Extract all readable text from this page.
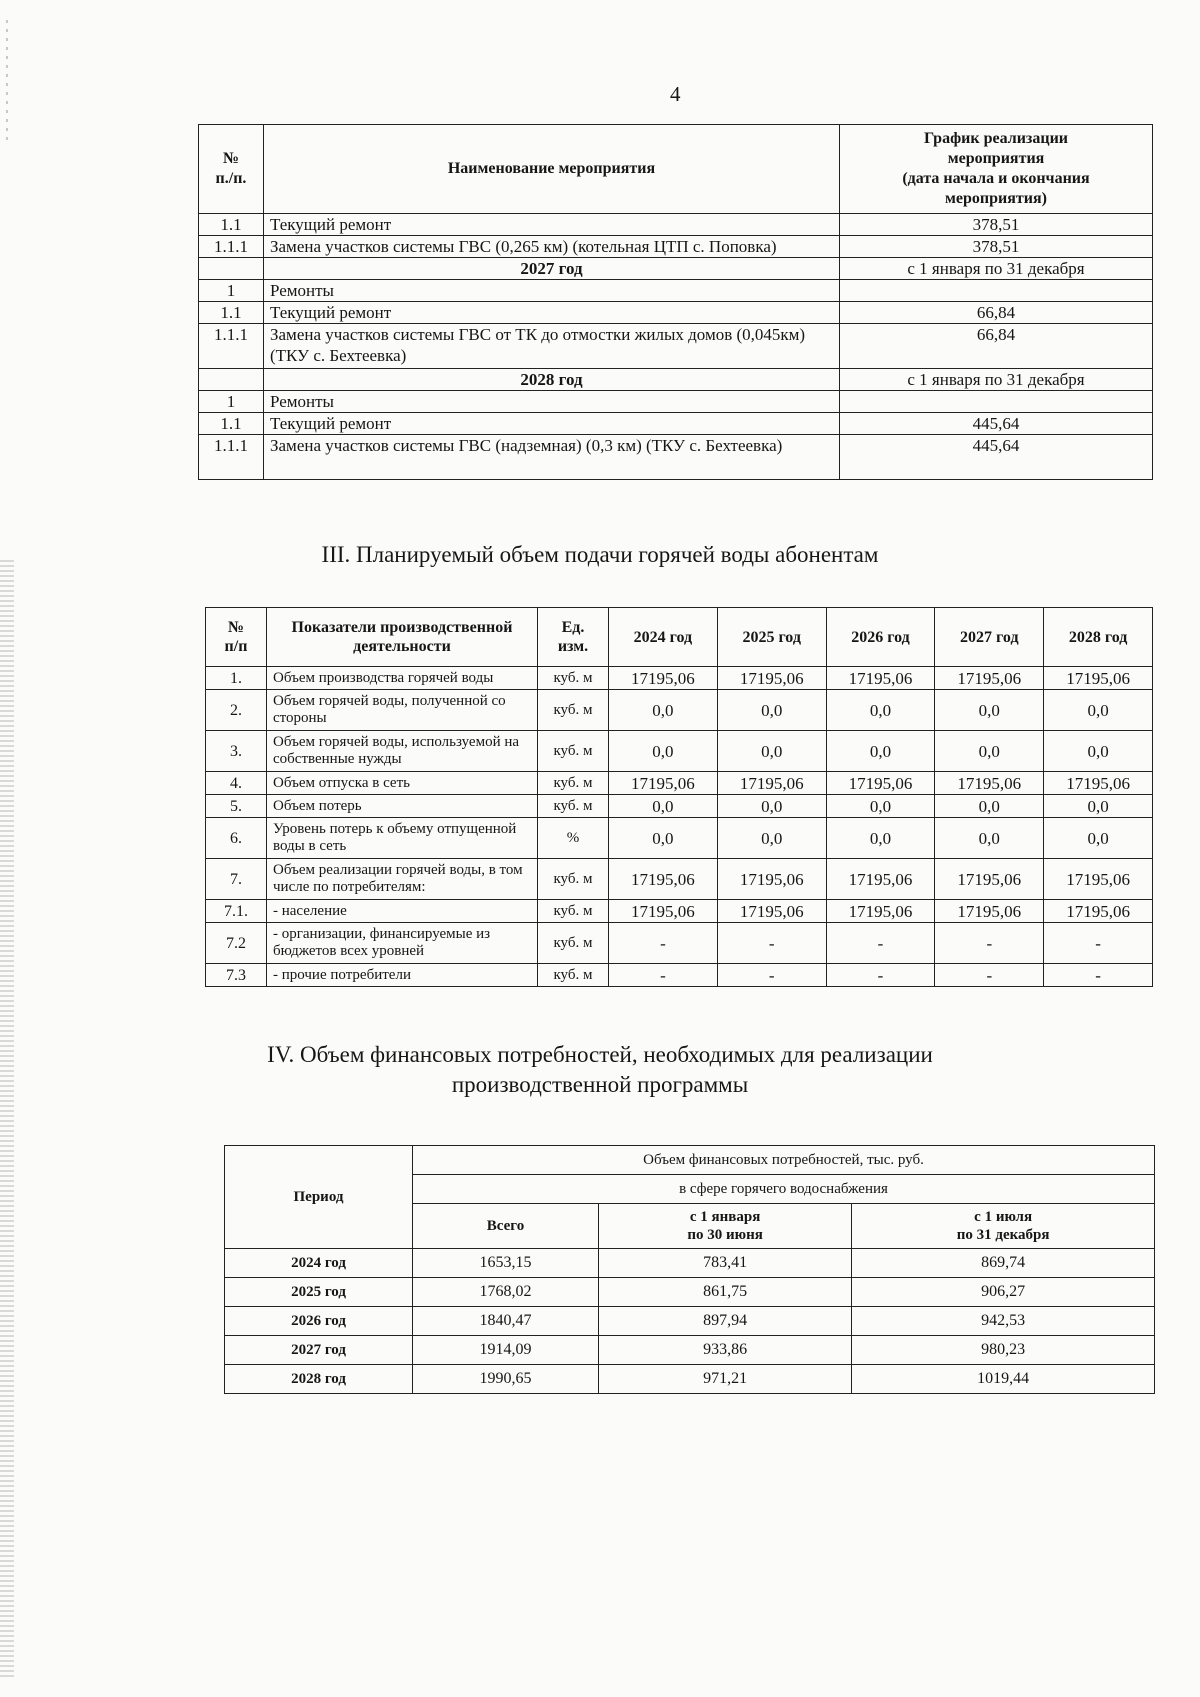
4
№
п./п.	Наименование мероприятия	График реализации
мероприятия
(дата начала и окончания
мероприятия)
1.1	Текущий ремонт	378,51
1.1.1	Замена участков системы ГВС (0,265 км) (котельная ЦТП с. Поповка)	378,51
	2027 год	с 1 января по 31 декабря
1	Ремонты	
1.1	Текущий ремонт	66,84
1.1.1	Замена участков системы ГВС от ТК до отмостки жилых домов (0,045км) (ТКУ с. Бехтеевка)	66,84
	2028 год	с 1 января по 31 декабря
1	Ремонты	
1.1	Текущий ремонт	445,64
1.1.1	Замена участков системы ГВС (надземная) (0,3 км) (ТКУ с. Бехтеевка)	445,64
III. Планируемый объем подачи горячей воды абонентам
№
п/п	Показатели производственной деятельности	Ед.
изм.	2024 год	2025 год	2026 год	2027 год	2028 год
1.	Объем производства горячей воды	куб. м	17195,06	17195,06	17195,06	17195,06	17195,06
2.	Объем горячей воды, полученной со стороны	куб. м	0,0	0,0	0,0	0,0	0,0
3.	Объем горячей воды, используемой на собственные нужды	куб. м	0,0	0,0	0,0	0,0	0,0
4.	Объем отпуска в сеть	куб. м	17195,06	17195,06	17195,06	17195,06	17195,06
5.	Объем потерь	куб. м	0,0	0,0	0,0	0,0	0,0
6.	Уровень потерь к объему отпущенной воды в сеть	%	0,0	0,0	0,0	0,0	0,0
7.	Объем реализации горячей воды, в том числе по потребителям:	куб. м	17195,06	17195,06	17195,06	17195,06	17195,06
7.1.	- население	куб. м	17195,06	17195,06	17195,06	17195,06	17195,06
7.2	- организации, финансируемые из бюджетов всех уровней	куб. м	-	-	-	-	-
7.3	- прочие потребители	куб. м	-	-	-	-	-
IV. Объем финансовых потребностей, необходимых для реализации
производственной программы
Период	Объем финансовых потребностей, тыс. руб.		
	в сфере горячего водоснабжения		
	Всего	с 1 января
по 30 июня	с 1 июля
по 31 декабря
2024 год	1653,15	783,41	869,74
2025 год	1768,02	861,75	906,27
2026 год	1840,47	897,94	942,53
2027 год	1914,09	933,86	980,23
2028 год	1990,65	971,21	1019,44
